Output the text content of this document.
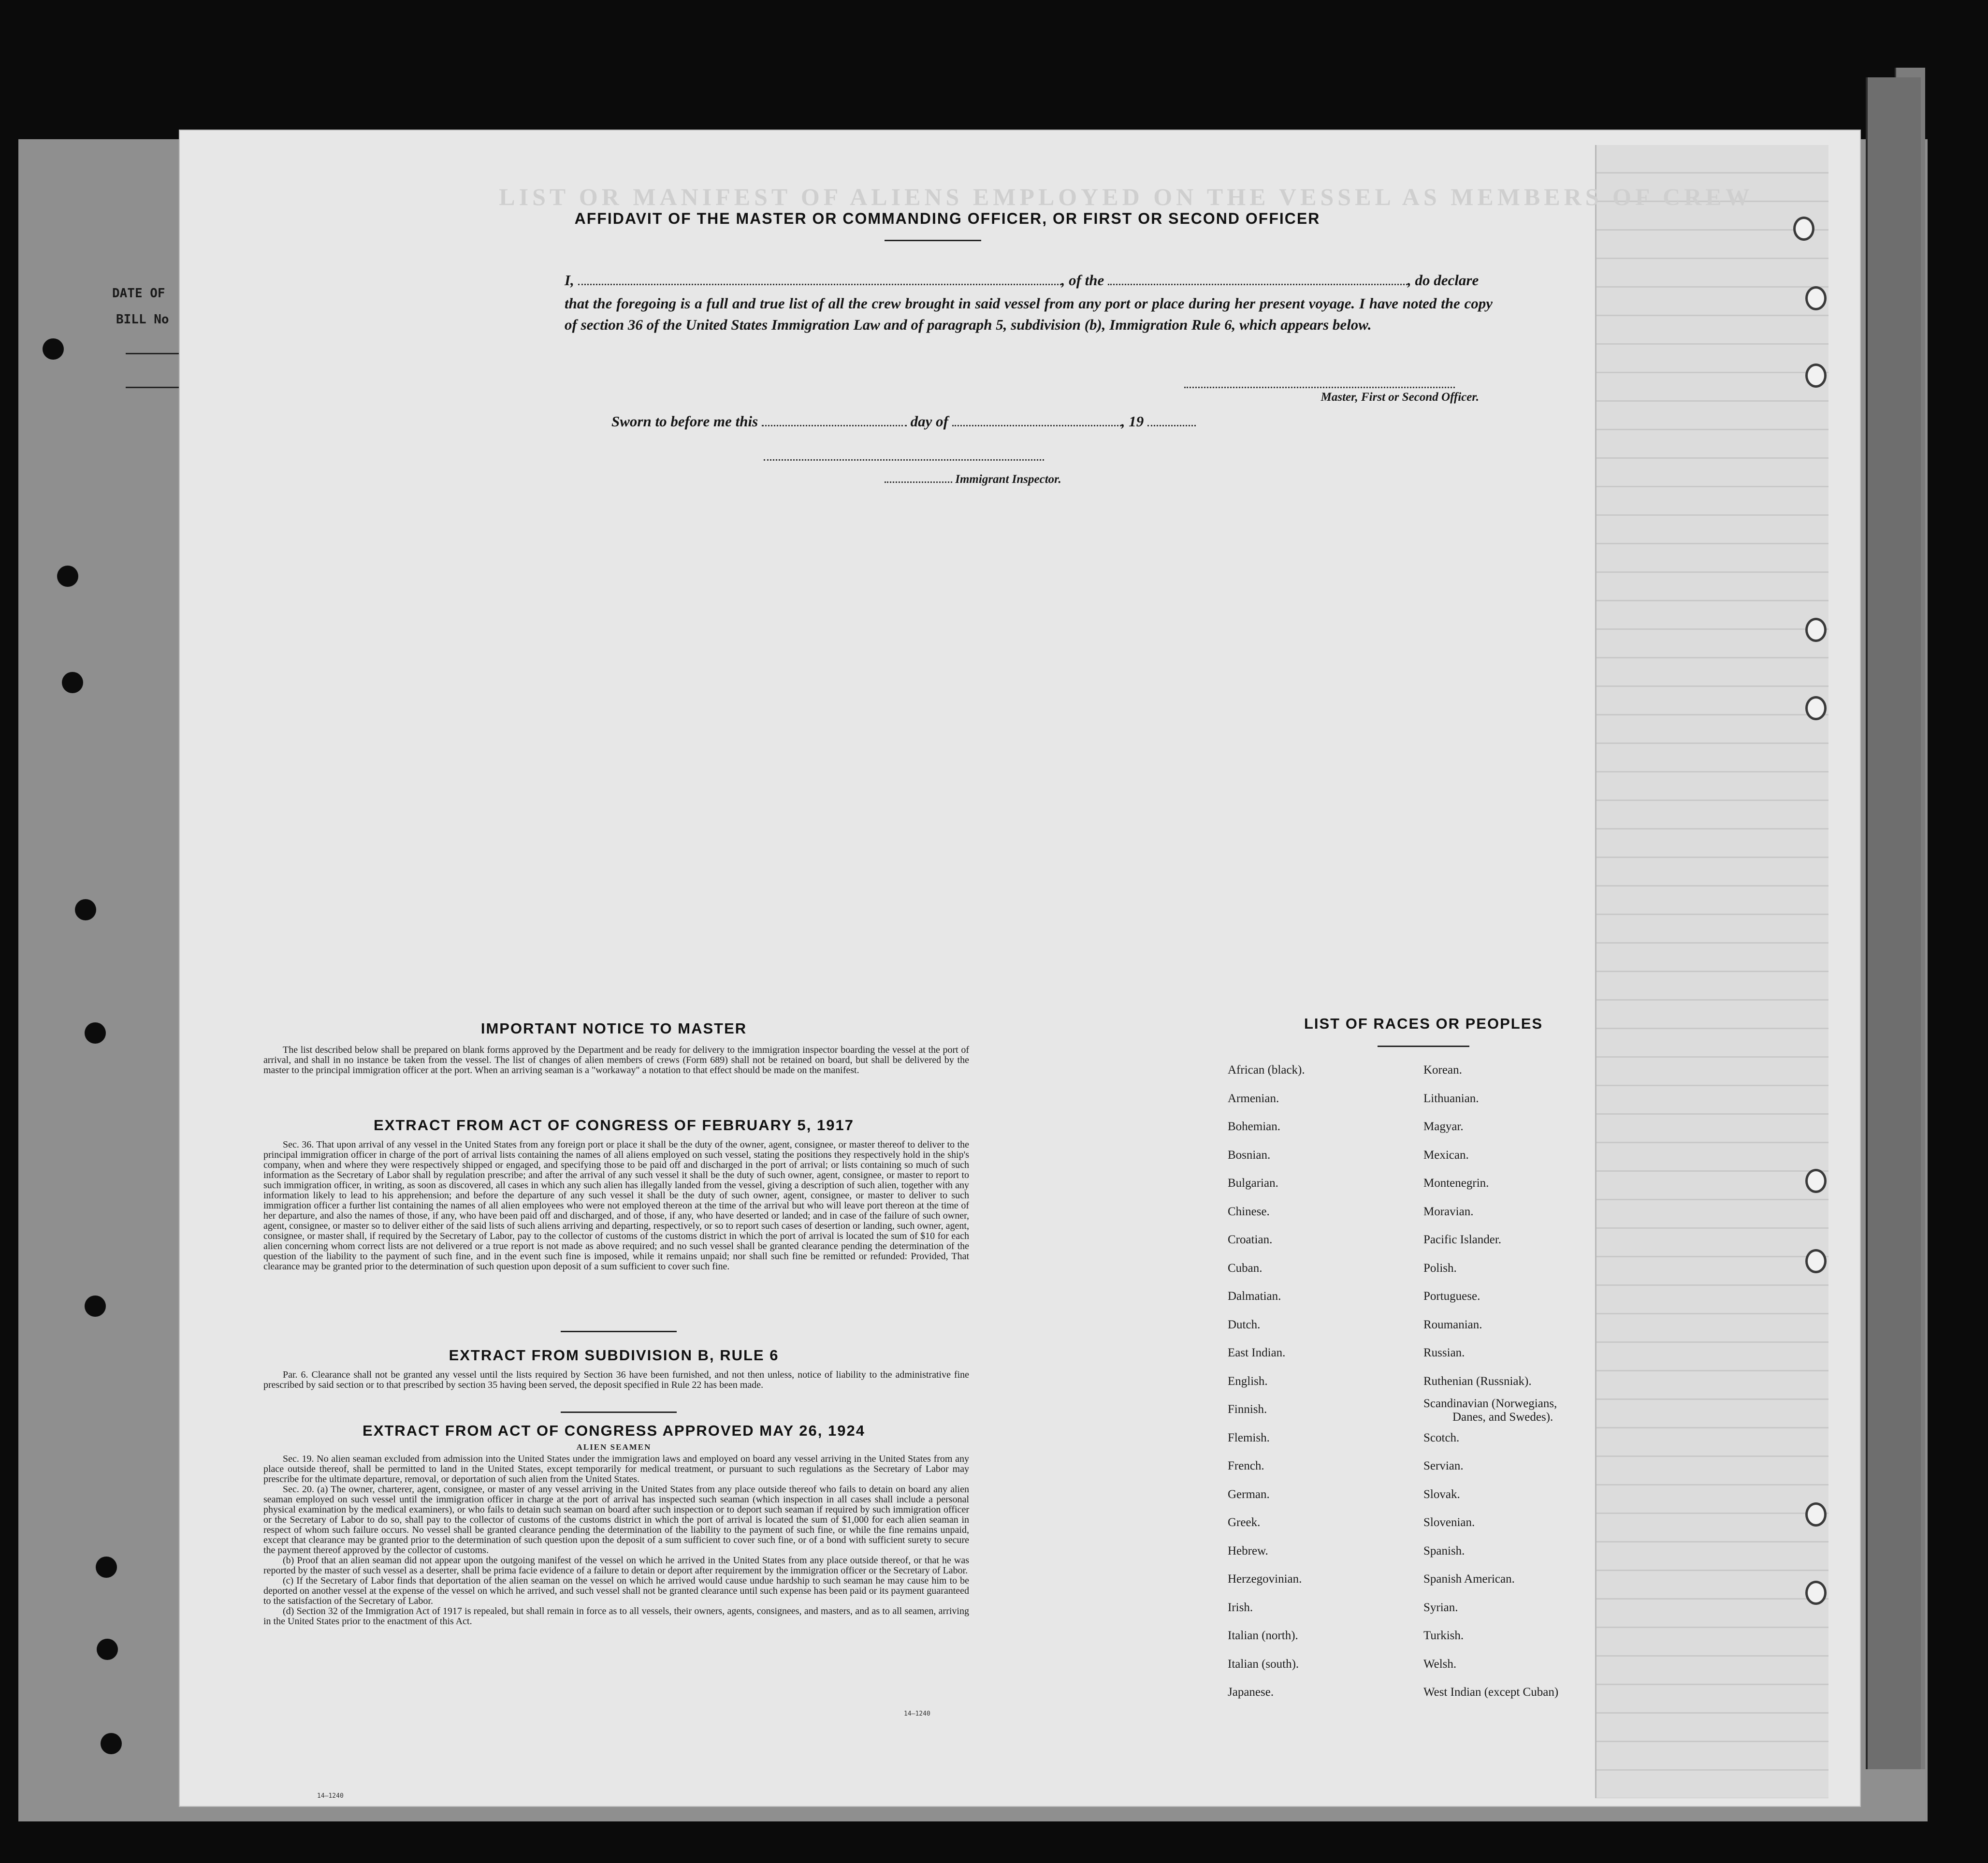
DATE OF
BILL No
LIST OR MANIFEST OF ALIENS EMPLOYED ON THE VESSEL AS MEMBERS OF CREW
AFFIDAVIT OF THE MASTER OR COMMANDING OFFICER, OR FIRST OR SECOND OFFICER
I,	, of the	, do declare
that the foregoing is a full and true list of all the crew brought in said vessel from any port or place during her present voyage. I have noted the copy of section 36 of the United States Immigration Law and of paragraph 5, subdivision (b), Immigration Rule 6, which appears below.
Master, First or Second Officer.
Sworn to before me this	day of	, 19
Immigrant Inspector.
IMPORTANT NOTICE TO MASTER

The list described below shall be prepared on blank forms approved by the Department and be ready for delivery to the immigration inspector boarding the vessel at the port of arrival, and shall in no instance be taken from the vessel. The list of changes of alien members of crews (Form 689) shall not be retained on board, but shall be delivered by the master to the principal immigration officer at the port. When an arriving seaman is a "workaway" a notation to that effect should be made on the manifest.

EXTRACT FROM ACT OF CONGRESS OF FEBRUARY 5, 1917

Sec. 36. That upon arrival of any vessel in the United States from any foreign port or place it shall be the duty of the owner, agent, consignee, or master thereof to deliver to the principal immigration officer in charge of the port of arrival lists containing the names of all aliens employed on such vessel, stating the positions they respectively hold in the ship's company, when and where they were respectively shipped or engaged, and specifying those to be paid off and discharged in the port of arrival; or lists containing so much of such information as the Secretary of Labor shall by regulation prescribe; and after the arrival of any such vessel it shall be the duty of such owner, agent, consignee, or master to report to such immigration officer, in writing, as soon as discovered, all cases in which any such alien has illegally landed from the vessel, giving a description of such alien, together with any information likely to lead to his apprehension; and before the departure of any such vessel it shall be the duty of such owner, agent, consignee, or master to deliver to such immigration officer a further list containing the names of all alien employees who were not employed thereon at the time of the arrival but who will leave port thereon at the time of her departure, and also the names of those, if any, who have been paid off and discharged, and of those, if any, who have deserted or landed; and in case of the failure of such owner, agent, consignee, or master so to deliver either of the said lists of such aliens arriving and departing, respectively, or so to report such cases of desertion or landing, such owner, agent, consignee, or master shall, if required by the Secretary of Labor, pay to the collector of customs of the customs district in which the port of arrival is located the sum of $10 for each alien concerning whom correct lists are not delivered or a true report is not made as above required; and no such vessel shall be granted clearance pending the determination of the question of the liability to the payment of such fine, and in the event such fine is imposed, while it remains unpaid; nor shall such fine be remitted or refunded: Provided, That clearance may be granted prior to the determination of such question upon deposit of a sum sufficient to cover such fine.

EXTRACT FROM SUBDIVISION B, RULE 6

Par. 6. Clearance shall not be granted any vessel until the lists required by Section 36 have been furnished, and not then unless, notice of liability to the administrative fine prescribed by said section or to that prescribed by section 35 having been served, the deposit specified in Rule 22 has been made.

EXTRACT FROM ACT OF CONGRESS APPROVED MAY 26, 1924
ALIEN SEAMEN

Sec. 19. No alien seaman excluded from admission into the United States under the immigration laws and employed on board any vessel arriving in the United States from any place outside thereof, shall be permitted to land in the United States, except temporarily for medical treatment, or pursuant to such regulations as the Secretary of Labor may prescribe for the ultimate departure, removal, or deportation of such alien from the United States.

Sec. 20. (a) The owner, charterer, agent, consignee, or master of any vessel arriving in the United States from any place outside thereof who fails to detain on board any alien seaman employed on such vessel until the immigration officer in charge at the port of arrival has inspected such seaman (which inspection in all cases shall include a personal physical examination by the medical examiners), or who fails to detain such seaman on board after such inspection or to deport such seaman if required by such immigration officer or the Secretary of Labor to do so, shall pay to the collector of customs of the customs district in which the port of arrival is located the sum of $1,000 for each alien seaman in respect of whom such failure occurs. No vessel shall be granted clearance pending the determination of the liability to the payment of such fine, or while the fine remains unpaid, except that clearance may be granted prior to the determination of such question upon the deposit of a sum sufficient to cover such fine, or of a bond with sufficient surety to secure the payment thereof approved by the collector of customs.

(b) Proof that an alien seaman did not appear upon the outgoing manifest of the vessel on which he arrived in the United States from any place outside thereof, or that he was reported by the master of such vessel as a deserter, shall be prima facie evidence of a failure to detain or deport after requirement by the immigration officer or the Secretary of Labor.

(c) If the Secretary of Labor finds that deportation of the alien seaman on the vessel on which he arrived would cause undue hardship to such seaman he may cause him to be deported on another vessel at the expense of the vessel on which he arrived, and such vessel shall not be granted clearance until such expense has been paid or its payment guaranteed to the satisfaction of the Secretary of Labor.

(d) Section 32 of the Immigration Act of 1917 is repealed, but shall remain in force as to all vessels, their owners, agents, consignees, and masters, and as to all seamen, arriving in the United States prior to the enactment of this Act.

14—1240
LIST OF RACES OR PEOPLES
African (black).
Armenian.
Bohemian.
Bosnian.
Bulgarian.
Chinese.
Croatian.
Cuban.
Dalmatian.
Dutch.
East Indian.
English.
Finnish.
Flemish.
French.
German.
Greek.
Hebrew.
Herzegovinian.
Irish.
Italian (north).
Italian (south).
Japanese.
Korean.
Lithuanian.
Magyar.
Mexican.
Montenegrin.
Moravian.
Pacific Islander.
Polish.
Portuguese.
Roumanian.
Russian.
Ruthenian (Russniak).
Scandinavian (Norwegians,
Danes, and Swedes).
Scotch.
Servian.
Slovak.
Slovenian.
Spanish.
Spanish American.
Syrian.
Turkish.
Welsh.
West Indian (except Cuban)
14—1240
